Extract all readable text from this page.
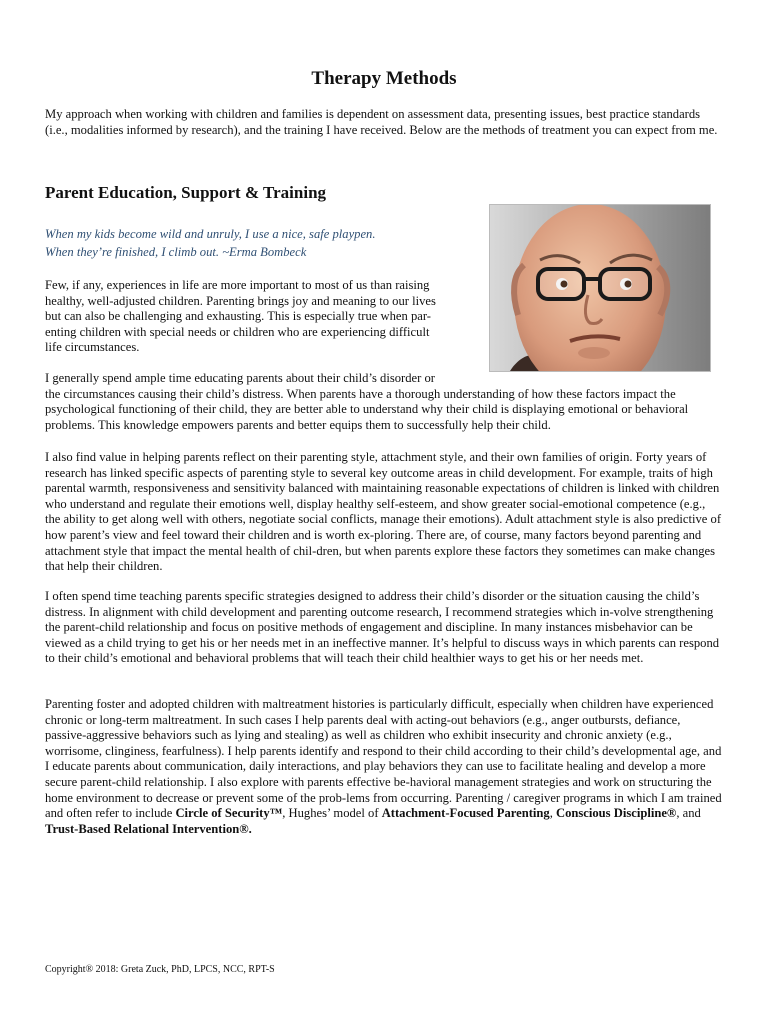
Therapy Methods

My approach when working with children and families is dependent on assessment data, presenting issues, best practice standards (i.e., modalities informed by research), and the training I have received. Below are the methods of treatment you can expect from me.

Parent Education, Support & Training
When my kids become wild and unruly, I use a nice, safe playpen.
When they’re finished, I climb out. ~Erma Bombeck
Few, if any, experiences in life are more important to most of us than raising
healthy, well-adjusted children. Parenting brings joy and meaning to our lives
but can also be challenging and exhausting. This is especially true when par-
enting children with special needs or children who are experiencing difficult
life circumstances.
I generally spend ample time educating parents about their child’s disorder or
the circumstances causing their child’s distress. When parents have a thorough understanding of how these factors impact the psychological functioning of their child, they are better able to understand why their child is displaying emotional or behavioral problems. This knowledge empowers parents and better equips them to successfully help their child.

I also find value in helping parents reflect on their parenting style, attachment style, and their own families of origin. Forty years of research has linked specific aspects of parenting style to several key outcome areas in child development. For example, traits of high parental warmth, responsiveness and sensitivity balanced with maintaining reasonable expectations of children is linked with children who understand and regulate their emotions well, display healthy self-esteem, and show greater social-emotional competence (e.g., the ability to get along well with others, negotiate social conflicts, manage their emotions). Adult attachment style is also predictive of how parent’s view and feel toward their children and is worth ex-ploring. There are, of course, many factors beyond parenting and attachment style that impact the mental health of chil-dren, but when parents explore these factors they sometimes can make changes that help their children.

I often spend time teaching parents specific strategies designed to address their child’s disorder or the situation causing the child’s distress. In alignment with child development and parenting outcome research, I recommend strategies which in-volve strengthening the parent-child relationship and focus on positive methods of engagement and discipline. In many instances misbehavior can be viewed as a child trying to get his or her needs met in an ineffective manner. It’s helpful to discuss ways in which parents can respond to their child’s emotional and behavioral problems that will teach their child healthier ways to get his or her needs met.

Parenting foster and adopted children with maltreatment histories is particularly difficult, especially when children have experienced chronic or long-term maltreatment. In such cases I help parents deal with acting-out behaviors (e.g., anger outbursts, defiance, passive-aggressive behaviors such as lying and stealing) as well as children who exhibit insecurity and chronic anxiety (e.g., worrisome, clinginess, fearfulness). I help parents identify and respond to their child according to their child’s developmental age, and I educate parents about communication, daily interactions, and play behaviors they can use to facilitate healing and develop a more secure parent-child relationship. I also explore with parents effective be-havioral management strategies and work on structuring the home environment to decrease or prevent some of the prob-lems from occurring. Parenting / caregiver programs in which I am trained and often refer to include Circle of Security™, Hughes’ model of Attachment-Focused Parenting, Conscious Discipline®, and Trust-Based Relational Intervention®.

Copyright® 2018: Greta Zuck, PhD, LPCS, NCC, RPT-S
